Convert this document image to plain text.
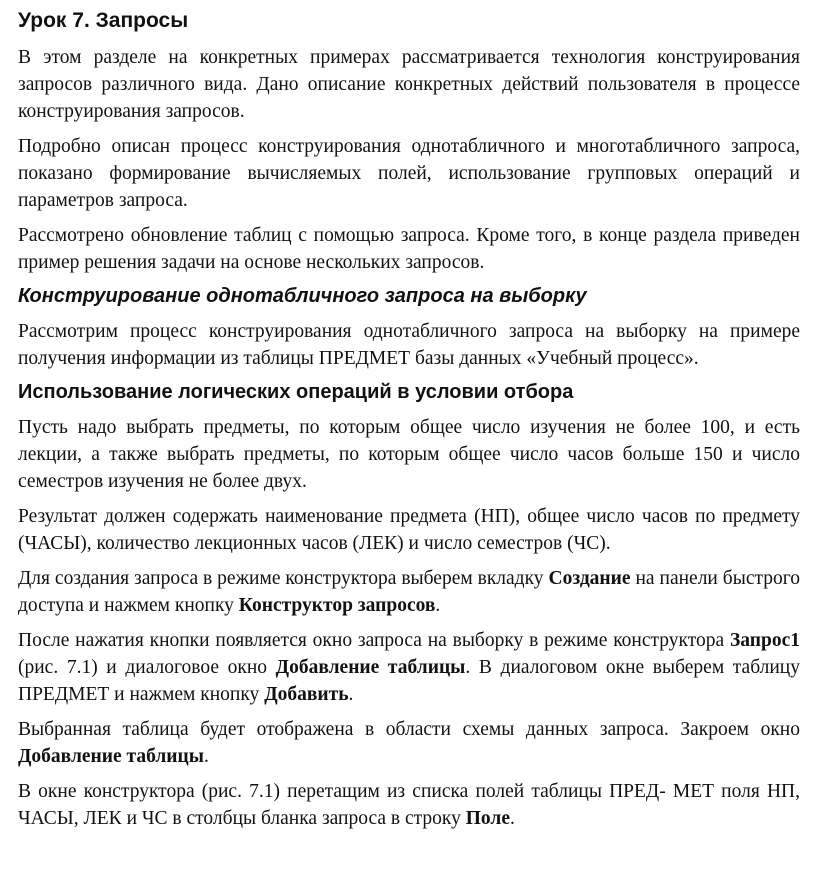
Урок 7. Запросы

В этом разделе на конкретных примерах рассматривается технология конструирования запросов различного вида. Дано описание конкретных действий пользователя в процессе конструирования запросов.

Подробно описан процесс конструирования однотабличного и многотабличного запроса, показано формирование вычисляемых полей, использование групповых операций и параметров запроса.

Рассмотрено обновление таблиц с помощью запроса. Кроме того, в конце раздела приведен пример решения задачи на основе нескольких запросов.

Конструирование однотабличного запроса на выборку

Рассмотрим процесс конструирования однотабличного запроса на выборку на примере получения информации из таблицы ПРЕДМЕТ базы данных «Учебный процесс».

Использование логических операций в условии отбора

Пусть надо выбрать предметы, по которым общее число изучения не более 100, и есть лекции, а также выбрать предметы, по которым общее число часов больше 150 и число семестров изучения не более двух.

Результат должен содержать наименование предмета (НП), общее число часов по предмету (ЧАСЫ), количество лекционных часов (ЛЕК) и число семестров (ЧС).

Для создания запроса в режиме конструктора выберем вкладку Создание на панели быстрого доступа и нажмем кнопку Конструктор запросов.

После нажатия кнопки появляется окно запроса на выборку в режиме конструктора Запрос1 (рис. 7.1) и диалоговое окно Добавление таблицы. В диалоговом окне выберем таблицу ПРЕДМЕТ и нажмем кнопку Добавить.

Выбранная таблица будет отображена в области схемы данных запроса. Закроем окно Добавление таблицы.

В окне конструктора (рис. 7.1) перетащим из списка полей таблицы ПРЕД- МЕТ поля НП, ЧАСЫ, ЛЕК и ЧС в столбцы бланка запроса в строку Поле.
